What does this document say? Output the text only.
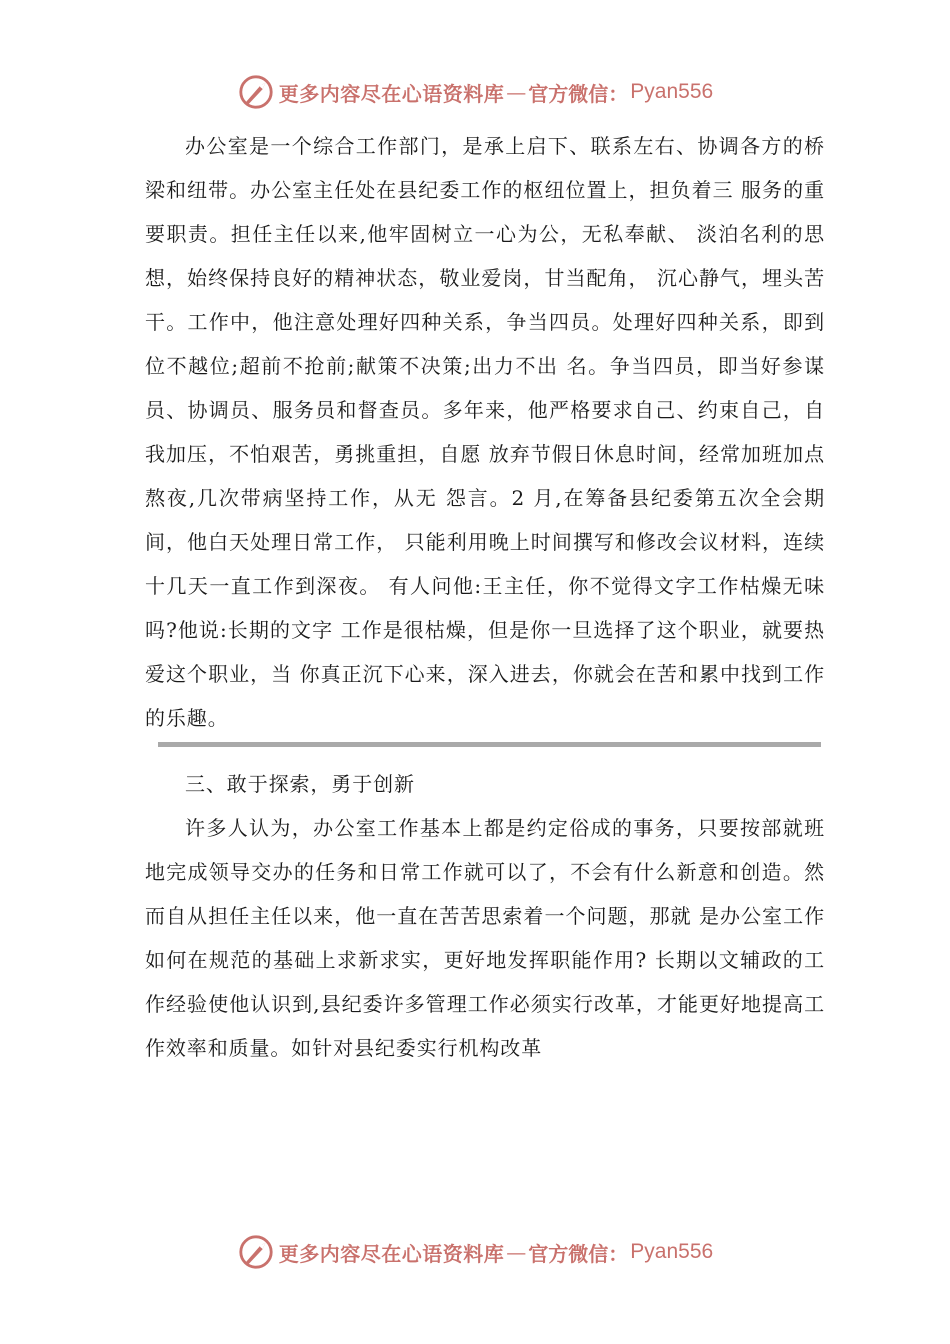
更多内容尽在心语资料库 — 官方微信： Pyan556

办公室是一个综合工作部门，是承上启下、联系左右、协调各方的桥梁和纽带。办公室主任处在县纪委工作的枢纽位置上，担负着三 服务的重要职责。担任主任以来,他牢固树立一心为公，无私奉献、 淡泊名利的思想，始终保持良好的精神状态，敬业爱岗，甘当配角， 沉心静气，埋头苦干。工作中，他注意处理好四种关系，争当四员。处理好四种关系，即到位不越位;超前不抢前;献策不决策;出力不出 名。争当四员，即当好参谋员、协调员、服务员和督查员。多年来，他严格要求自己、约束自己，自我加压，不怕艰苦，勇挑重担，自愿 放弃节假日休息时间，经常加班加点熬夜,几次带病坚持工作，从无 怨言。2 月,在筹备县纪委第五次全会期间，他白天处理日常工作， 只能利用晚上时间撰写和修改会议材料，连续十几天一直工作到深夜。 有人问他:王主任，你不觉得文字工作枯燥无味吗?他说:长期的文字 工作是很枯燥，但是你一旦选择了这个职业，就要热爱这个职业，当 你真正沉下心来，深入进去，你就会在苦和累中找到工作的乐趣。

三、敢于探索，勇于创新

许多人认为，办公室工作基本上都是约定俗成的事务，只要按部就班地完成领导交办的任务和日常工作就可以了，不会有什么新意和创造。然而自从担任主任以来，他一直在苦苦思索着一个问题，那就 是办公室工作如何在规范的基础上求新求实，更好地发挥职能作用? 长期以文辅政的工作经验使他认识到,县纪委许多管理工作必须实行改革，才能更好地提高工作效率和质量。如针对县纪委实行机构改革

更多内容尽在心语资料库 — 官方微信： Pyan556
